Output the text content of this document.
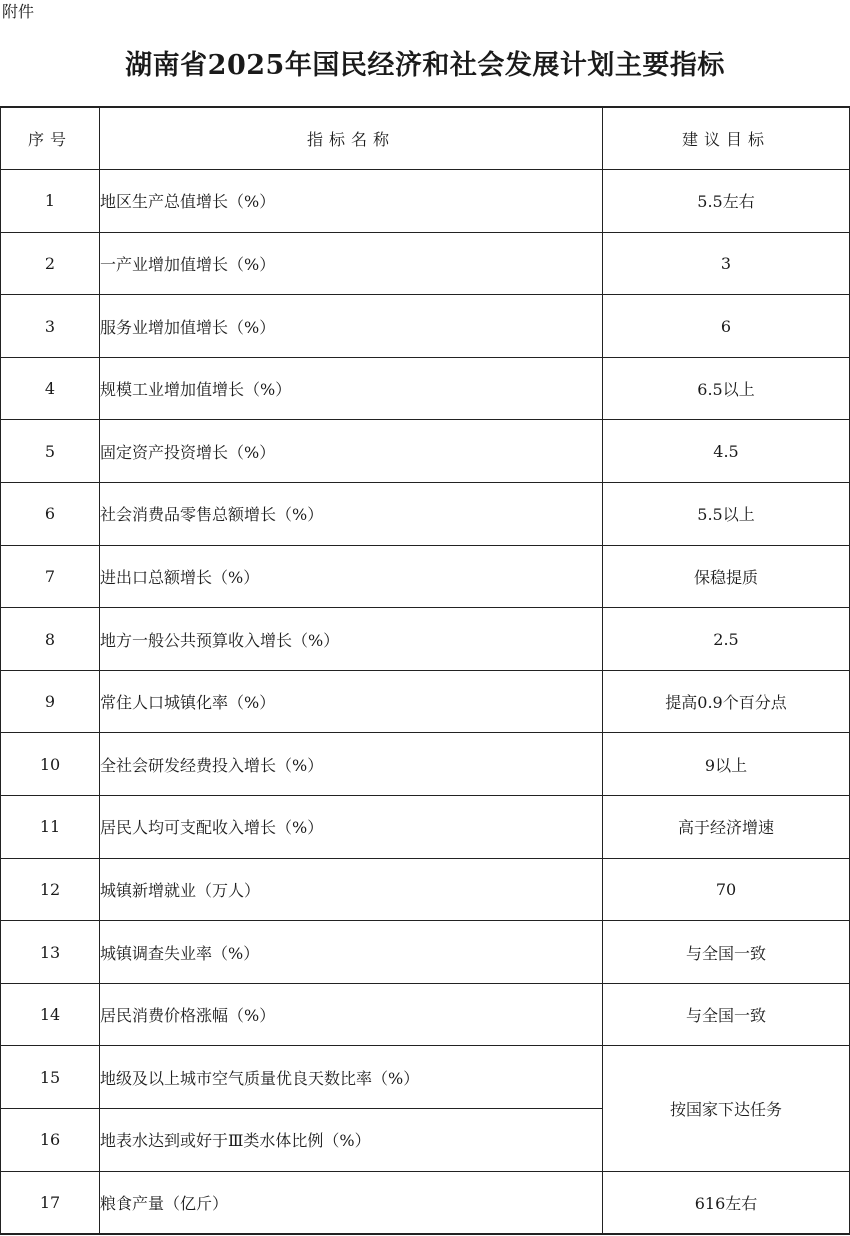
附件
湖南省2025年国民经济和社会发展计划主要指标
序号	指标名称	建议目标
1	地区生产总值增长（%）	5.5左右
2	一产业增加值增长（%）	3
3	服务业增加值增长（%）	6
4	规模工业增加值增长（%）	6.5以上
5	固定资产投资增长（%）	4.5
6	社会消费品零售总额增长（%）	5.5以上
7	进出口总额增长（%）	保稳提质
8	地方一般公共预算收入增长（%）	2.5
9	常住人口城镇化率（%）	提高0.9个百分点
10	全社会研发经费投入增长（%）	9以上
11	居民人均可支配收入增长（%）	高于经济增速
12	城镇新增就业（万人）	70
13	城镇调查失业率（%）	与全国一致
14	居民消费价格涨幅（%）	与全国一致
15	地级及以上城市空气质量优良天数比率（%）	按国家下达任务
16	地表水达到或好于Ⅲ类水体比例（%）	
17	粮食产量（亿斤）	616左右
